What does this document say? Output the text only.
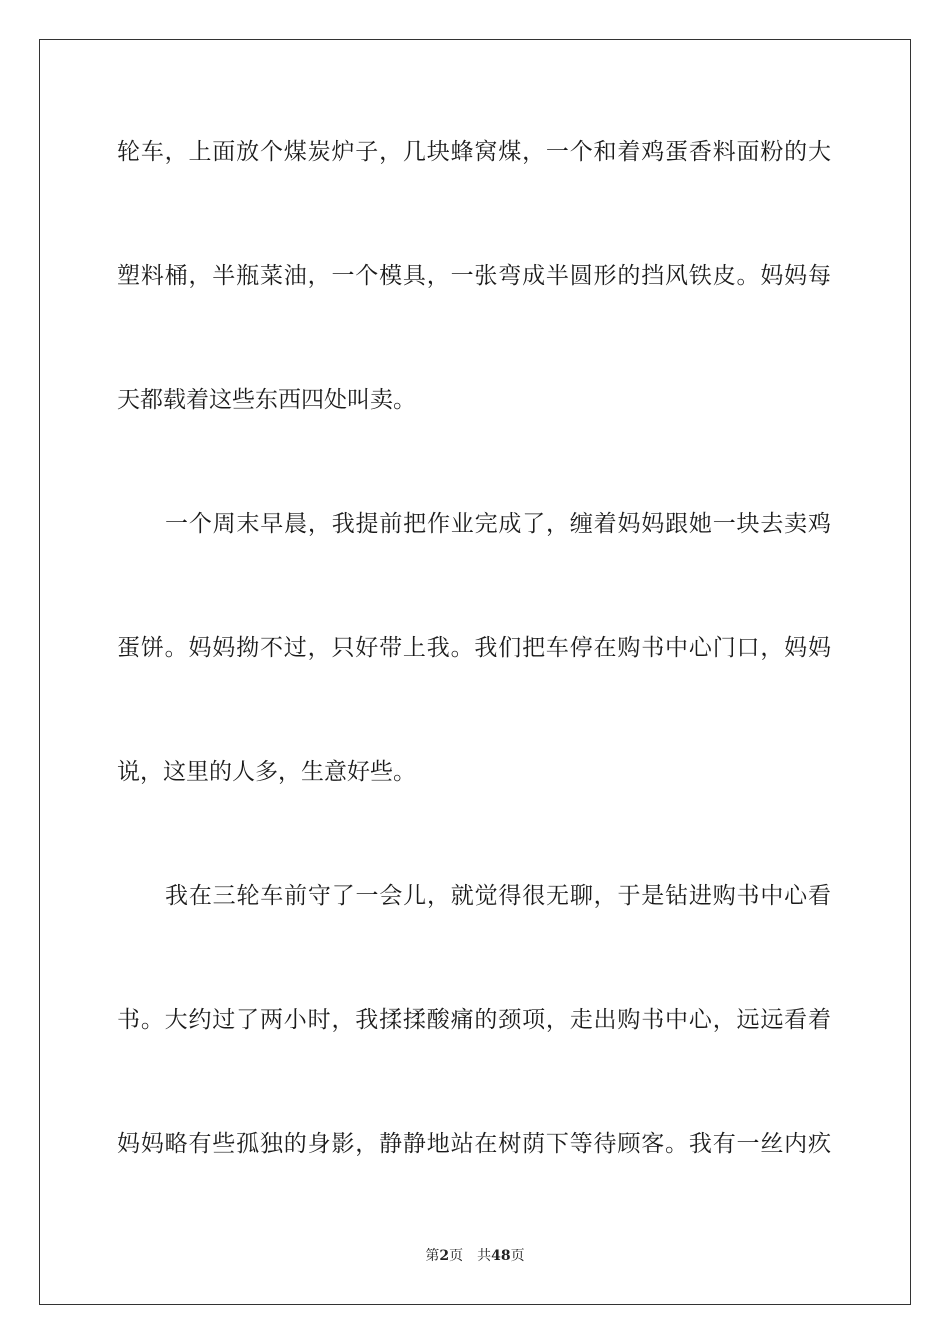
轮车，上面放个煤炭炉子，几块蜂窝煤，一个和着鸡蛋香料面粉的大
塑料桶，半瓶菜油，一个模具，一张弯成半圆形的挡风铁皮。妈妈每
天都载着这些东西四处叫卖。
一个周末早晨，我提前把作业完成了，缠着妈妈跟她一块去卖鸡
蛋饼。妈妈拗不过，只好带上我。我们把车停在购书中心门口，妈妈
说，这里的人多，生意好些。
我在三轮车前守了一会儿，就觉得很无聊，于是钻进购书中心看
书。大约过了两小时，我揉揉酸痛的颈项，走出购书中心，远远看着
妈妈略有些孤独的身影，静静地站在树荫下等待顾客。我有一丝内疚
第2页 共48页
